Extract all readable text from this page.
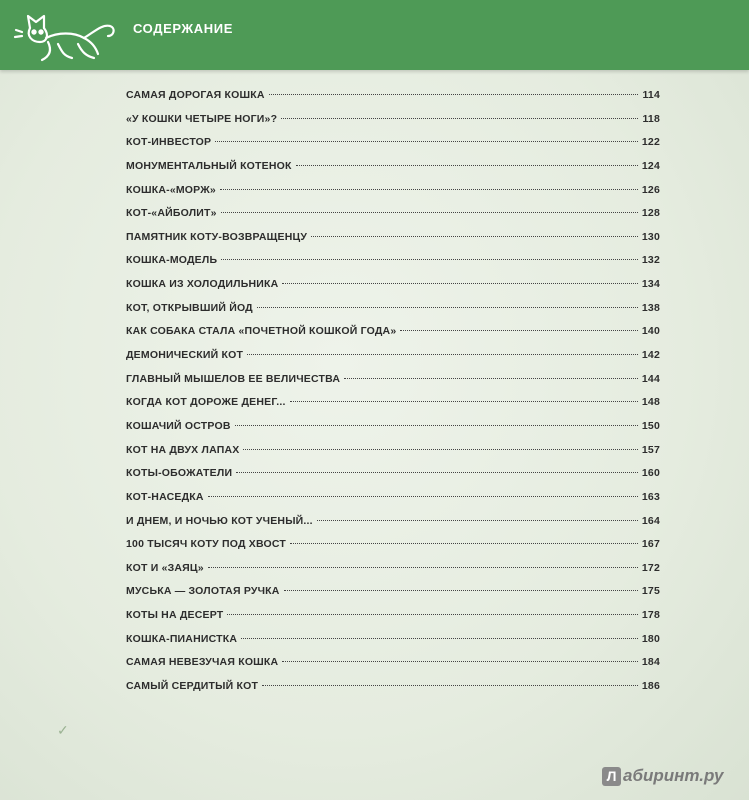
СОДЕРЖАНИЕ
САМАЯ ДОРОГАЯ КОШКА	114
«У КОШКИ ЧЕТЫРЕ НОГИ»?	118
КОТ-ИНВЕСТОР	122
МОНУМЕНТАЛЬНЫЙ КОТЕНОК	124
КОШКА-«МОРЖ»	126
КОТ-«АЙБОЛИТ»	128
ПАМЯТНИК КОТУ-ВОЗВРАЩЕНЦУ	130
КОШКА-МОДЕЛЬ	132
КОШКА ИЗ ХОЛОДИЛЬНИКА	134
КОТ, ОТКРЫВШИЙ ЙОД	138
КАК СОБАКА СТАЛА «ПОЧЕТНОЙ КОШКОЙ ГОДА»	140
ДЕМОНИЧЕСКИЙ КОТ	142
ГЛАВНЫЙ МЫШЕЛОВ ЕЕ ВЕЛИЧЕСТВА	144
КОГДА КОТ ДОРОЖЕ ДЕНЕГ...	148
КОШАЧИЙ ОСТРОВ	150
КОТ НА ДВУХ ЛАПАХ	157
КОТЫ-ОБОЖАТЕЛИ	160
КОТ-НАСЕДКА	163
И ДНЕМ, И НОЧЬЮ КОТ УЧЕНЫЙ...	164
100 ТЫСЯЧ КОТУ ПОД ХВОСТ	167
КОТ И «ЗАЯЦ»	172
МУСЬКА — ЗОЛОТАЯ РУЧКА	175
КОТЫ НА ДЕСЕРТ	178
КОШКА-ПИАНИСТКА	180
САМАЯ НЕВЕЗУЧАЯ КОШКА	184
САМЫЙ СЕРДИТЫЙ КОТ	186
✓
Л абиринт.ру
